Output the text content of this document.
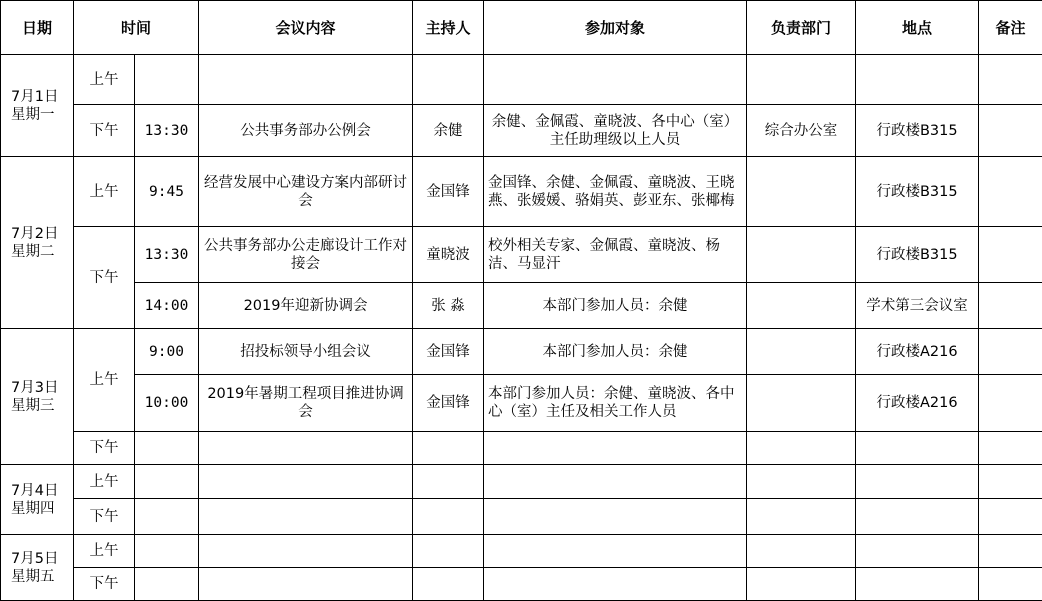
日期	时间		会议内容	主持人	参加对象	负责部门	地点	备注

7月1日
星期一	上午							
	下午	13:30	公共事务部办公例会	余健	余健、金佩霞、童晓波、各中心（室）主任助理级以上人员	综合办公室	行政楼B315	

7月2日
星期二	上午	9:45	经营发展中心建设方案内部研讨会	金国锋	金国锋、余健、金佩霞、童晓波、王晓燕、张媛媛、骆娟英、彭亚东、张椰梅		行政楼B315	
	下午	13:30	公共事务部办公走廊设计工作对接会	童晓波	校外相关专家、金佩霞、童晓波、杨洁、马显汗		行政楼B315	
		14:00	2019年迎新协调会	张 淼	本部门参加人员：余健		学术第三会议室	

7月3日
星期三	上午	9:00	招投标领导小组会议	金国锋	本部门参加人员：余健		行政楼A216	
		10:00	2019年暑期工程项目推进协调会	金国锋	本部门参加人员：余健、童晓波、各中心（室）主任及相关工作人员		行政楼A216	
	下午							

7月4日
星期四	上午							
	下午							

7月5日
星期五	上午							
	下午							
